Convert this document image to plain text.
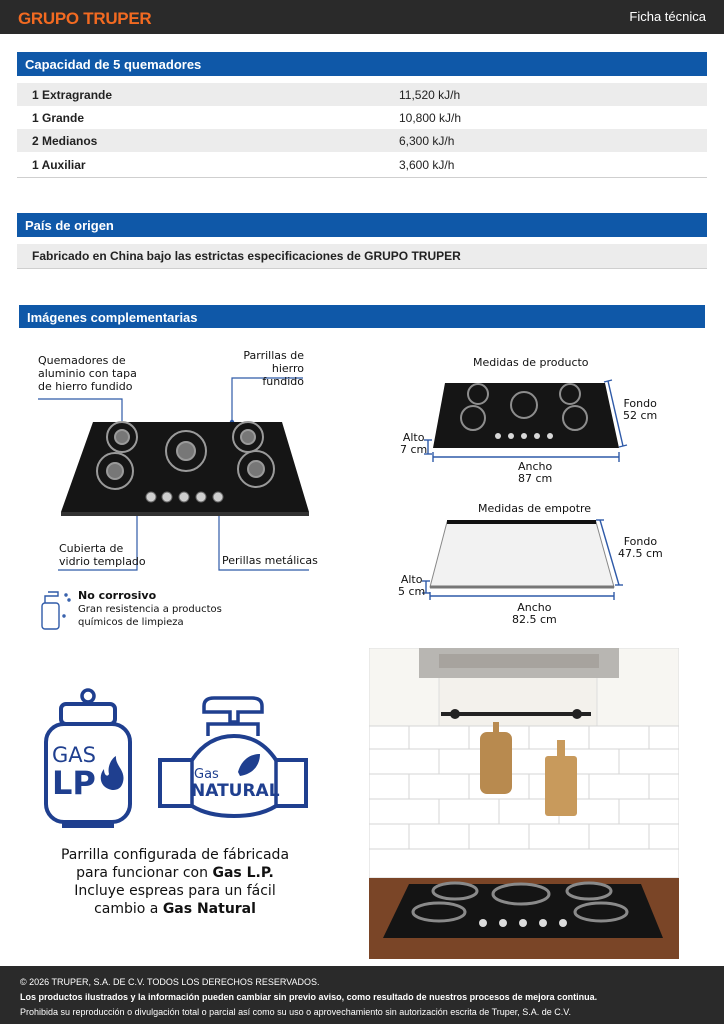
GRUPO TRUPER	Ficha técnica
Capacidad de 5 quemadores
1 Extragrande	11,520 kJ/h
1 Grande	10,800 kJ/h
2 Medianos	6,300 kJ/h
1 Auxiliar	3,600 kJ/h
País de origen
Fabricado en China bajo las estrictas especificaciones de GRUPO TRUPER
Imágenes complementarias
Quemadores de
aluminio con tapa
de hierro fundido
Parrillas de
hierro fundido
Cubierta de
vidrio templado	Perillas metálicas
No corrosivo
Gran resistencia a productos
químicos de limpieza
Medidas de producto
Fondo
52 cm
Alto
7 cm
Ancho
87 cm
Medidas de empotre
Fondo
47.5 cm
Alto
5 cm
Ancho
82.5 cm
GAS
LP	Gas
NATURAL
Parrilla configurada de fábricada
para funcionar con Gas L.P.
Incluye espreas para un fácil
cambio a Gas Natural
© 2026 TRUPER, S.A. DE C.V. TODOS LOS DERECHOS RESERVADOS.
Los productos ilustrados y la información pueden cambiar sin previo aviso, como resultado de nuestros procesos de mejora continua.
Prohibida su reproducción o divulgación total o parcial así como su uso o aprovechamiento sin autorización escrita de Truper, S.A. de C.V.
